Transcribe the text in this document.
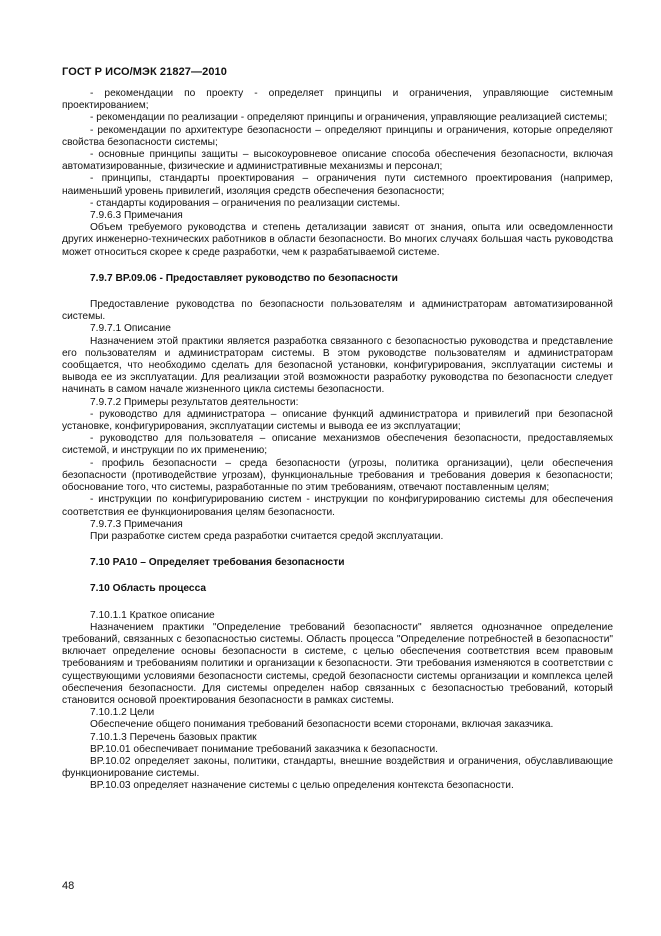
ГОСТ Р ИСО/МЭК 21827—2010

- рекомендации по проекту - определяет принципы и ограничения, управляющие системным проектированием;

- рекомендации по реализации - определяют принципы и ограничения, управляющие реализацией системы;

- рекомендации по архитектуре безопасности – определяют принципы и ограничения, которые определяют свойства безопасности системы;

- основные принципы защиты – высокоуровневое описание способа обеспечения безопасности, включая автоматизированные, физические и административные механизмы и персонал;

- принципы, стандарты проектирования – ограничения пути системного проектирования (например, наименьший уровень привилегий, изоляция средств обеспечения безопасности;

- стандарты кодирования – ограничения по реализации системы.

7.9.6.3 Примечания

Объем требуемого руководства и степень детализации зависят от знания, опыта или осведомленности других инженерно-технических работников в области безопасности. Во многих случаях большая часть руководства может относиться скорее к среде разработки, чем к разрабатываемой системе.

7.9.7 BP.09.06 - Предоставляет руководство по безопасности

Предоставление руководства по безопасности пользователям и администраторам автоматизированной системы.

7.9.7.1 Описание

Назначением этой практики является разработка связанного с безопасностью руководства и представление его пользователям и администраторам системы. В этом руководстве пользователям и администраторам сообщается, что необходимо сделать для безопасной установки, конфигурирования, эксплуатации системы и вывода ее из эксплуатации. Для реализации этой возможности разработку руководства по безопасности следует начинать в самом начале жизненного цикла системы безопасности.

7.9.7.2 Примеры результатов деятельности:

- руководство для администратора – описание функций администратора и привилегий при безопасной установке, конфигурирования, эксплуатации системы и вывода ее из эксплуатации;

- руководство для пользователя – описание механизмов обеспечения безопасности, предоставляемых системой, и инструкции по их применению;

- профиль безопасности – среда безопасности (угрозы, политика организации), цели обеспечения безопасности (противодействие угрозам), функциональные требования и требования доверия к безопасности; обоснование того, что системы, разработанные по этим требованиям, отвечают поставленным целям;

- инструкции по конфигурированию систем - инструкции по конфигурированию системы для обеспечения соответствия ее функционирования целям безопасности.

7.9.7.3 Примечания

При разработке систем среда разработки считается средой эксплуатации.

7.10 PA10 – Определяет требования безопасности

7.10 Область процесса

7.10.1.1 Краткое описание

Назначением практики "Определение требований безопасности" является однозначное определение требований, связанных с безопасностью системы. Область процесса "Определение потребностей в безопасности" включает определение основы безопасности в системе, с целью обеспечения соответствия всем правовым требованиям и требованиям политики и организации к безопасности. Эти требования изменяются в соответствии с существующими условиями безопасности системы, средой безопасности системы организации и комплекса целей обеспечения безопасности. Для системы определен набор связанных с безопасностью требований, который становится основой проектирования безопасности в рамках системы.

7.10.1.2 Цели

Обеспечение общего понимания требований безопасности всеми сторонами, включая заказчика.

7.10.1.3 Перечень базовых практик

BP.10.01 обеспечивает понимание требований заказчика к безопасности.

BP.10.02 определяет законы, политики, стандарты, внешние воздействия и ограничения, обуславливающие функционирование системы.

BP.10.03 определяет назначение системы с целью определения контекста безопасности.

48
